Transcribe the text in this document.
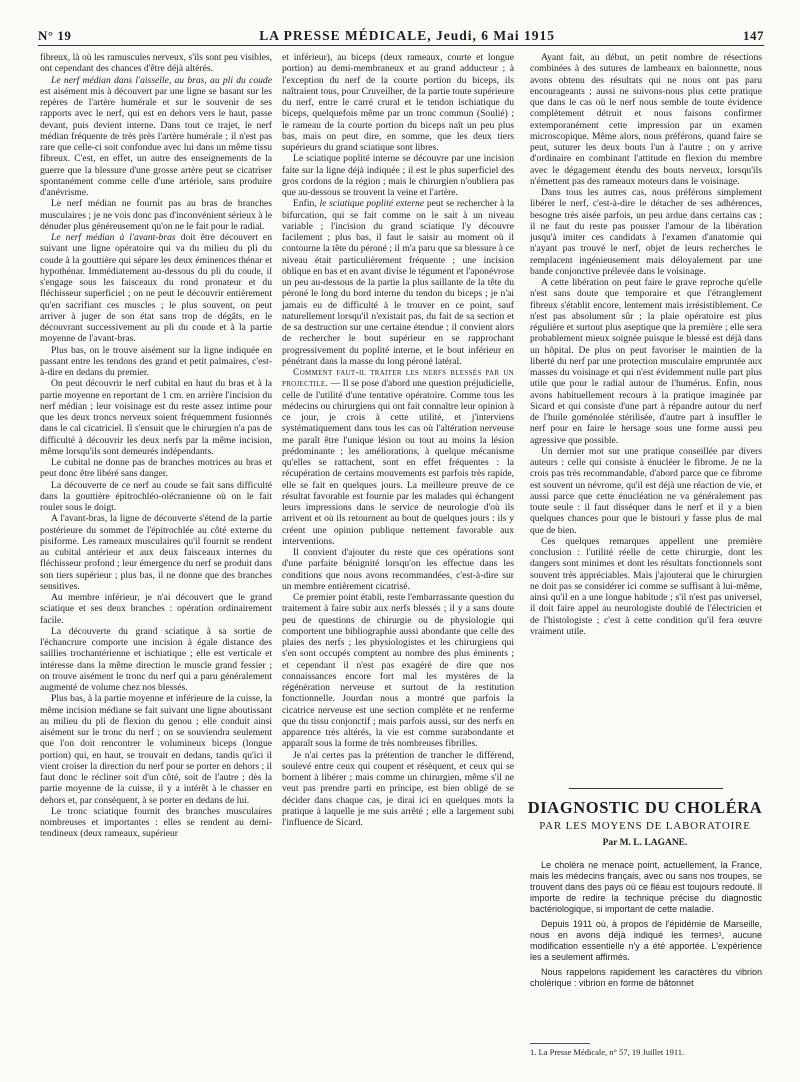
N° 19	LA PRESSE MÉDICALE, Jeudi, 6 Mai 1915	147

fibreux, là où les ramuscules nerveux, s'ils sont peu visibles, ont cependant des chances d'être déjà altérés.

Le nerf médian dans l'aisselle, au bras, au pli du coude est aisément mis à découvert par une ligne se basant sur les repères de l'artère humérale et sur le souvenir de ses rapports avec le nerf, qui est en dehors vers le haut, passe devant, puis devient interne. Dans tout ce trajet, le nerf médian fréquente de très près l'artère humérale ; il n'est pas rare que celle-ci soit confondue avec lui dans un même tissu fibreux. C'est, en effet, un autre des enseignements de la guerre que la blessure d'une grosse artère peut se cicatriser spontanément comme celle d'une artériole, sans produire d'anévrisme.

Le nerf médian ne fournit pas au bras de branches musculaires ; je ne vois donc pas d'inconvénient sérieux à le dénuder plus généreusement qu'on ne le fait pour le radial.

Le nerf médian à l'avant-bras doit être découvert en suivant une ligne opératoire qui va du milieu du pli du coude à la gouttière qui sépare les deux éminences thénar et hypothénar. Immédiatement au-dessous du pli du coude, il s'engage sous les faisceaux du rond pronateur et du fléchisseur superficiel ; on ne peut le découvrir entièrement qu'en sacrifiant ces muscles ; le plus souvent, on peut arriver à juger de son état sans trop de dégâts, en le découvrant successivement au pli du coude et à la partie moyenne de l'avant-bras.

Plus bas, on le trouve aisément sur la ligne indiquée en passant entre les tendons des grand et petit palmaires, c'est-à-dire en dedans du premier.

On peut découvrir le nerf cubital en haut du bras et à la partie moyenne en reportant de 1 cm. en arrière l'incision du nerf médian ; leur voisinage est du reste assez intime pour que les deux troncs nerveux soient fréquemment fusionnés dans le cal cicatriciel. Il s'ensuit que le chirurgien n'a pas de difficulté à découvrir les deux nerfs par la même incision, même lorsqu'ils sont demeurés indépendants.

Le cubital ne donne pas de branches motrices au bras et peut donc être libéré sans danger.

La découverte de ce nerf au coude se fait sans difficulté dans la gouttière épitrochléo-olécranienne où on le fait rouler sous le doigt.

A l'avant-bras, la ligne de découverte s'étend de la partie postérieure du sommet de l'épitrochlée au côté externe du pisiforme. Les rameaux musculaires qu'il fournit se rendent au cubital antérieur et aux deux faisceaux internes du fléchisseur profond ; leur émergence du nerf se produit dans son tiers supérieur ; plus bas, il ne donne que des branches sensitives.

Au membre inférieur, je n'ai découvert que le grand sciatique et ses deux branches : opération ordinairement facile.

La découverte du grand sciatique à sa sortie de l'échancrure comporte une incision à égale distance des saillies trochantérienne et ischiatique ; elle est verticale et intéresse dans la même direction le muscle grand fessier ; on trouve aisément le tronc du nerf qui a paru généralement augmenté de volume chez nos blessés.

Plus bas, à la partie moyenne et inférieure de la cuisse, la même incision médiane se fait suivant une ligne aboutissant au milieu du pli de flexion du genou ; elle conduit ainsi aisément sur le tronc du nerf ; on se souviendra seulement que l'on doit rencontrer le volumineux biceps (longue portion) qui, en haut, se trouvait en dedans, tandis qu'ici il vient croiser la direction du nerf pour se porter en dehors ; il faut donc le récliner soit d'un côté, soit de l'autre ; dès la partie moyenne de la cuisse, il y a intérêt à le chasser en dehors et, par conséquent, à se porter en dedans de lui.

Le tronc sciatique fournit des branches musculaires nombreuses et importantes : elles se rendent au demi-tendineux (deux rameaux, supérieur

et inférieur), au biceps (deux rameaux, courte et longue portion) au demi-membraneux et au grand adducteur ; à l'exception du nerf de la courte portion du biceps, ils naîtraient tous, pour Cruveilher, de la partie toute supérieure du nerf, entre le carré crural et le tendon ischiatique du biceps, quelquefois même par un tronc commun (Soulié) ; le rameau de la courte portion du biceps naît un peu plus bas, mais on peut dire, en somme, que les deux tiers supérieurs du grand sciatique sont libres.

Le sciatique poplité interne se découvre par une incision faite sur la ligne déjà indiquée ; il est le plus superficiel des gros cordons de la région ; mais le chirurgien n'oubliera pas que au-dessous se trouvent la veine et l'artère.

Enfin, le sciatique poplité externe peut se rechercher à la bifurcation, qui se fait comme on le sait à un niveau variable ; l'incision du grand sciatique l'y découvre facilement ; plus bas, il faut le saisir au moment où il contourne la tête du péroné ; il m'a paru que sa blessure à ce niveau était particulièrement fréquente ; une incision oblique en bas et en avant divise le tégument et l'aponévrose un peu au-dessous de la partie la plus saillante de la tête du péroné le long du bord interne du tendon du biceps ; je n'ai jamais eu de difficulté à le trouver en ce point, sauf naturellement lorsqu'il n'existait pas, du fait de sa section et de sa destruction sur une certaine étendue ; il convient alors de rechercher le bout supérieur en se rapprochant progressivement du poplité interne, et le bout inférieur en pénétrant dans la masse du long péroné latéral.

Comment faut-il traiter les nerfs blessés par un projectile. — Il se pose d'abord une question préjudicielle, celle de l'utilité d'une tentative opératoire. Comme tous les médecins ou chirurgiens qui ont fait connaître leur opinion à ce jour, je crois à cette utilité, et j'interviens systématiquement dans tous les cas où l'altération nerveuse me paraît être l'unique lésion ou tout au moins la lésion prédominante ; les améliorations, à quelque mécanisme qu'elles se rattachent, sont en effet fréquentes : la récupération de certains mouvements est parfois très rapide, elle se fait en quelques jours. La meilleure preuve de ce résultat favorable est fournie par les malades qui échangent leurs impressions dans le service de neurologie d'où ils arrivent et où ils retournent au bout de quelques jours : ils y créent une opinion publique nettement favorable aux interventions.

Il convient d'ajouter du reste que ces opérations sont d'une parfaite bénignité lorsqu'on les effectue dans les conditions que nous avons recommandées, c'est-à-dire sur un membre entièrement cicatrisé.

Ce premier point établi, reste l'embarrassante question du traitement à faire subir aux nerfs blessés ; il y a sans doute peu de questions de chirurgie ou de physiologie qui comportent une bibliographie aussi abondante que celle des plaies des nerfs ; les physiologistes et les chirurgiens qui s'en sont occupés comptent au nombre des plus éminents ; et cependant il n'est pas exagéré de dire que nos connaissances encore fort mal les mystères de la régénération nerveuse et surtout de la restitution fonctionnelle. Jourdan nous a montré que parfois la cicatrice nerveuse est une section complète et ne renferme que du tissu conjonctif ; mais parfois aussi, sur des nerfs en apparence très altérés, la vie est comme surabondante et apparaît sous la forme de très nombreuses fibrilles.

Je n'ai certes pas la prétention de trancher le différend, soulevé entre ceux qui coupent et résèquent, et ceux qui se bornent à libérer ; mais comme un chirurgien, même s'il ne veut pas prendre parti en principe, est bien obligé de se décider dans chaque cas, je dirai ici en quelques mots la pratique à laquelle je me suis arrêté ; elle a largement subi l'influence de Sicard.

Ayant fait, au début, un petit nombre de résections combinées à des sutures de lambeaux en baïonnette, nous avons obtenu des résultats qui ne nous ont pas paru encourageants ; aussi ne suivons-nous plus cette pratique que dans le cas où le nerf nous semble de toute évidence complètement détruit et nous faisons confirmer extemporanément cette impression par un examen microscopique. Même alors, nous préférons, quand faire se peut, suturer les deux bouts l'un à l'autre ; on y arrive d'ordinaire en combinant l'attitude en flexion du membre avec le dégagement étendu des bouts nerveux, lorsqu'ils n'émettent pas des rameaux moteurs dans le voisinage.

Dans tous les autres cas, nous préférons simplement libérer le nerf, c'est-à-dire le détacher de ses adhérences, besogne très aisée parfois, un peu ardue dans certains cas ; il ne faut du reste pas pousser l'amour de la libération jusqu'à imiter ces candidats à l'examen d'anatomie qui n'ayant pas trouvé le nerf, objet de leurs recherches le remplacent ingénieusement mais déloyalement par une bande conjonctive prélevée dans le voisinage.

A cette libération on peut faire le grave reproche qu'elle n'est sans doute que temporaire et que l'étranglement fibreux s'établit encore, lentement mais irrésistiblement. Ce n'est pas absolument sûr ; la plaie opératoire est plus régulière et surtout plus aseptique que la première ; elle sera probablement mieux soignée puisque le blessé est déjà dans un hôpital. De plus on peut favoriser le maintien de la liberté du nerf par une protection musculaire empruntée aux masses du voisinage et qui n'est évidemment nulle part plus utile que pour le radial autour de l'humérus. Enfin, nous avons habituellement recours à la pratique imaginée par Sicard et qui consiste d'une part à répandre autour du nerf de l'huile goménolée stérilisée, d'autre part à insuffler le nerf pour en faire le hersage sous une forme aussi peu agressive que possible.

Un dernier mot sur une pratique conseillée par divers auteurs : celle qui consiste à énucléer le fibrome. Je ne la crois pas très recommandable, d'abord parce que ce fibrome est souvent un névrome, qu'il est déjà une réaction de vie, et aussi parce que cette énucléation ne va généralement pas toute seule : il faut disséquer dans le nerf et il y a bien quelques chances pour que le bistouri y fasse plus de mal que de bien.

Ces quelques remarques appellent une première conclusion : l'utilité réelle de cette chirurgie, dont les dangers sont minimes et dont les résultats fonctionnels sont souvent très appréciables. Mais j'ajouterai que le chirurgien ne doit pas se considérer ici comme se suffisant à lui-même, ainsi qu'il en a une longue habitude ; s'il n'est pas universel, il doit faire appel au neurologiste doublé de l'électricien et de l'histologiste ; c'est à cette condition qu'il fera œuvre vraiment utile.

DIAGNOSTIC DU CHOLÉRA
PAR LES MOYENS DE LABORATOIRE
Par M. L. LAGANE.

Le choléra ne menace point, actuellement, la France, mais les médecins français, avec ou sans nos troupes, se trouvent dans des pays où ce fléau est toujours redouté. Il importe de redire la technique précise du diagnostic bactériologique, si important de cette maladie.

Depuis 1911 où, à propos de l'épidémie de Marseille, nous en avons déjà indiqué les termes¹, aucune modification essentielle n'y a été apportée. L'expérience les a seulement affirmés.

Nous rappelons rapidement les caractères du vibrion cholérique : vibrion en forme de bâtonnet

1. La Presse Médicale, n° 57, 19 Juillet 1911.
